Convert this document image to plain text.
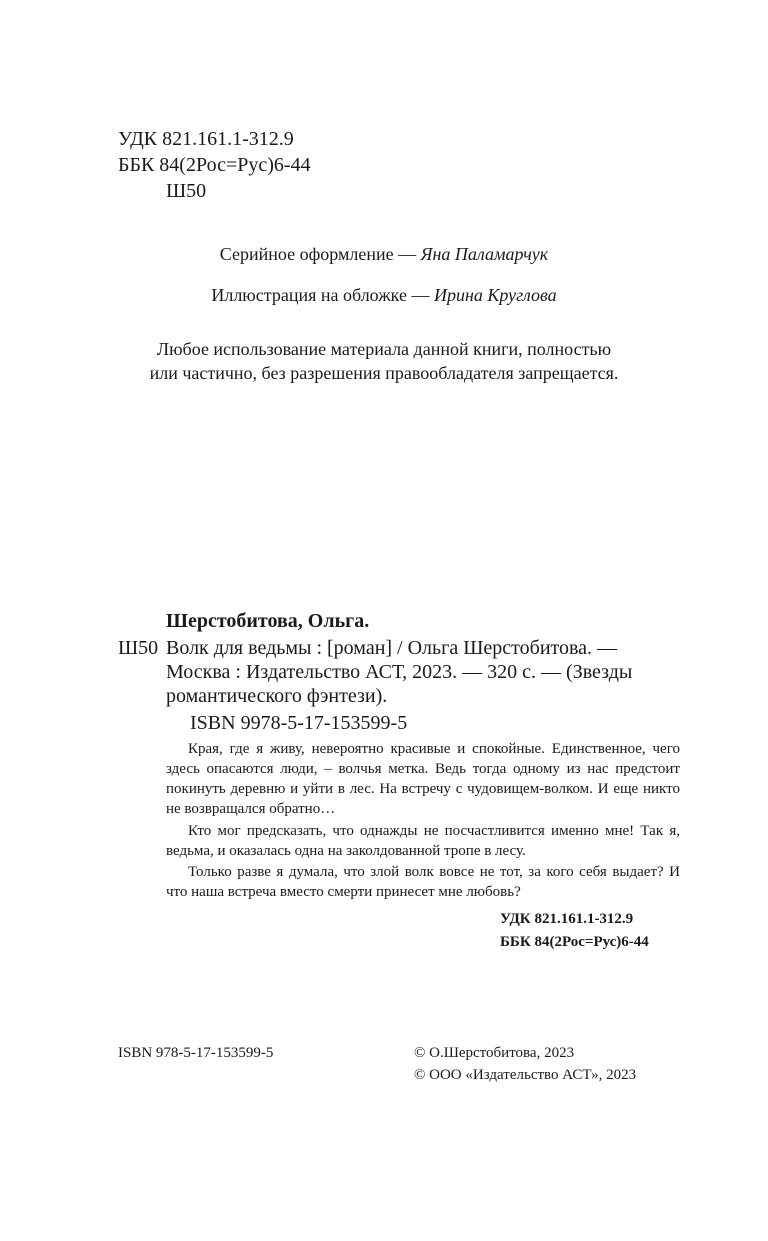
УДК 821.161.1-312.9
ББК 84(2Рос=Рус)6-44
Ш50
Серийное оформление — Яна Паламарчук
Иллюстрация на обложке — Ирина Круглова
Любое использование материала данной книги, полностью
или частично, без разрешения правообладателя запрещается.
Шерстобитова, Ольга.
Ш50 Волк для ведьмы : [роман] / Ольга Шерстобитова. —
Москва : Издательство АСТ, 2023. — 320 с. — (Звезды
романтического фэнтези).
ISBN 9978-5-17-153599-5

Края, где я живу, невероятно красивые и спокойные. Единственное, чего здесь опасаются люди, – волчья метка. Ведь тогда одному из нас предстоит покинуть деревню и уйти в лес. На встречу с чудовищем-волком. И еще никто не возвращался обратно…

Кто мог предсказать, что однажды не посчастливится именно мне! Так я, ведьма, и оказалась одна на заколдованной тропе в лесу.

Только разве я думала, что злой волк вовсе не тот, за кого себя выдает? И что наша встреча вместо смерти принесет мне любовь?

УДК 821.161.1-312.9
ББК 84(2Рос=Рус)6-44
ISBN 978-5-17-153599-5	© О.Шерстобитова, 2023
© ООО «Издательство АСТ», 2023
